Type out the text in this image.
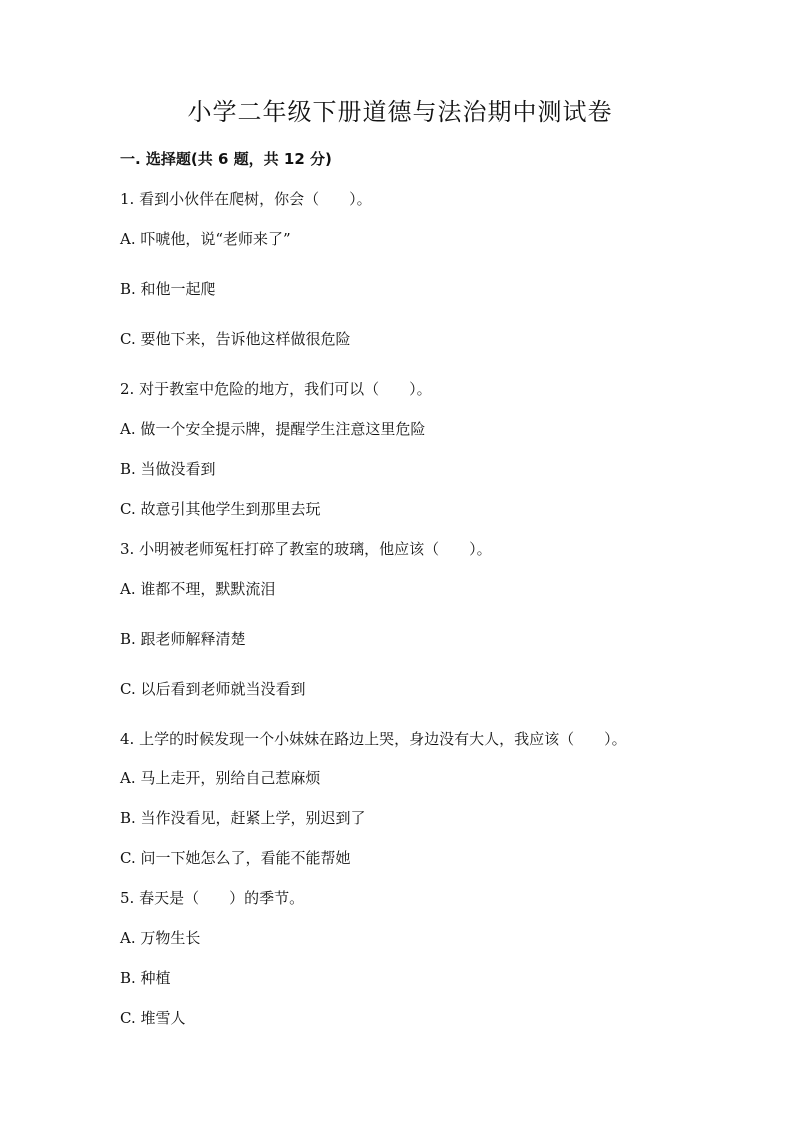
小学二年级下册道德与法治期中测试卷
一. 选择题(共 6 题，共 12 分)
1. 看到小伙伴在爬树，你会（　　）。
A. 吓唬他，说“老师来了”
B. 和他一起爬
C. 要他下来，告诉他这样做很危险
2. 对于教室中危险的地方，我们可以（　　）。
A. 做一个安全提示牌，提醒学生注意这里危险
B. 当做没看到
C. 故意引其他学生到那里去玩
3. 小明被老师冤枉打碎了教室的玻璃，他应该（　　）。
A. 谁都不理，默默流泪
B. 跟老师解释清楚
C. 以后看到老师就当没看到
4. 上学的时候发现一个小妹妹在路边上哭，身边没有大人，我应该（　　）。
A. 马上走开，别给自己惹麻烦
B. 当作没看见，赶紧上学，别迟到了
C. 问一下她怎么了，看能不能帮她
5. 春天是（　　）的季节。
A. 万物生长
B. 种植
C. 堆雪人
